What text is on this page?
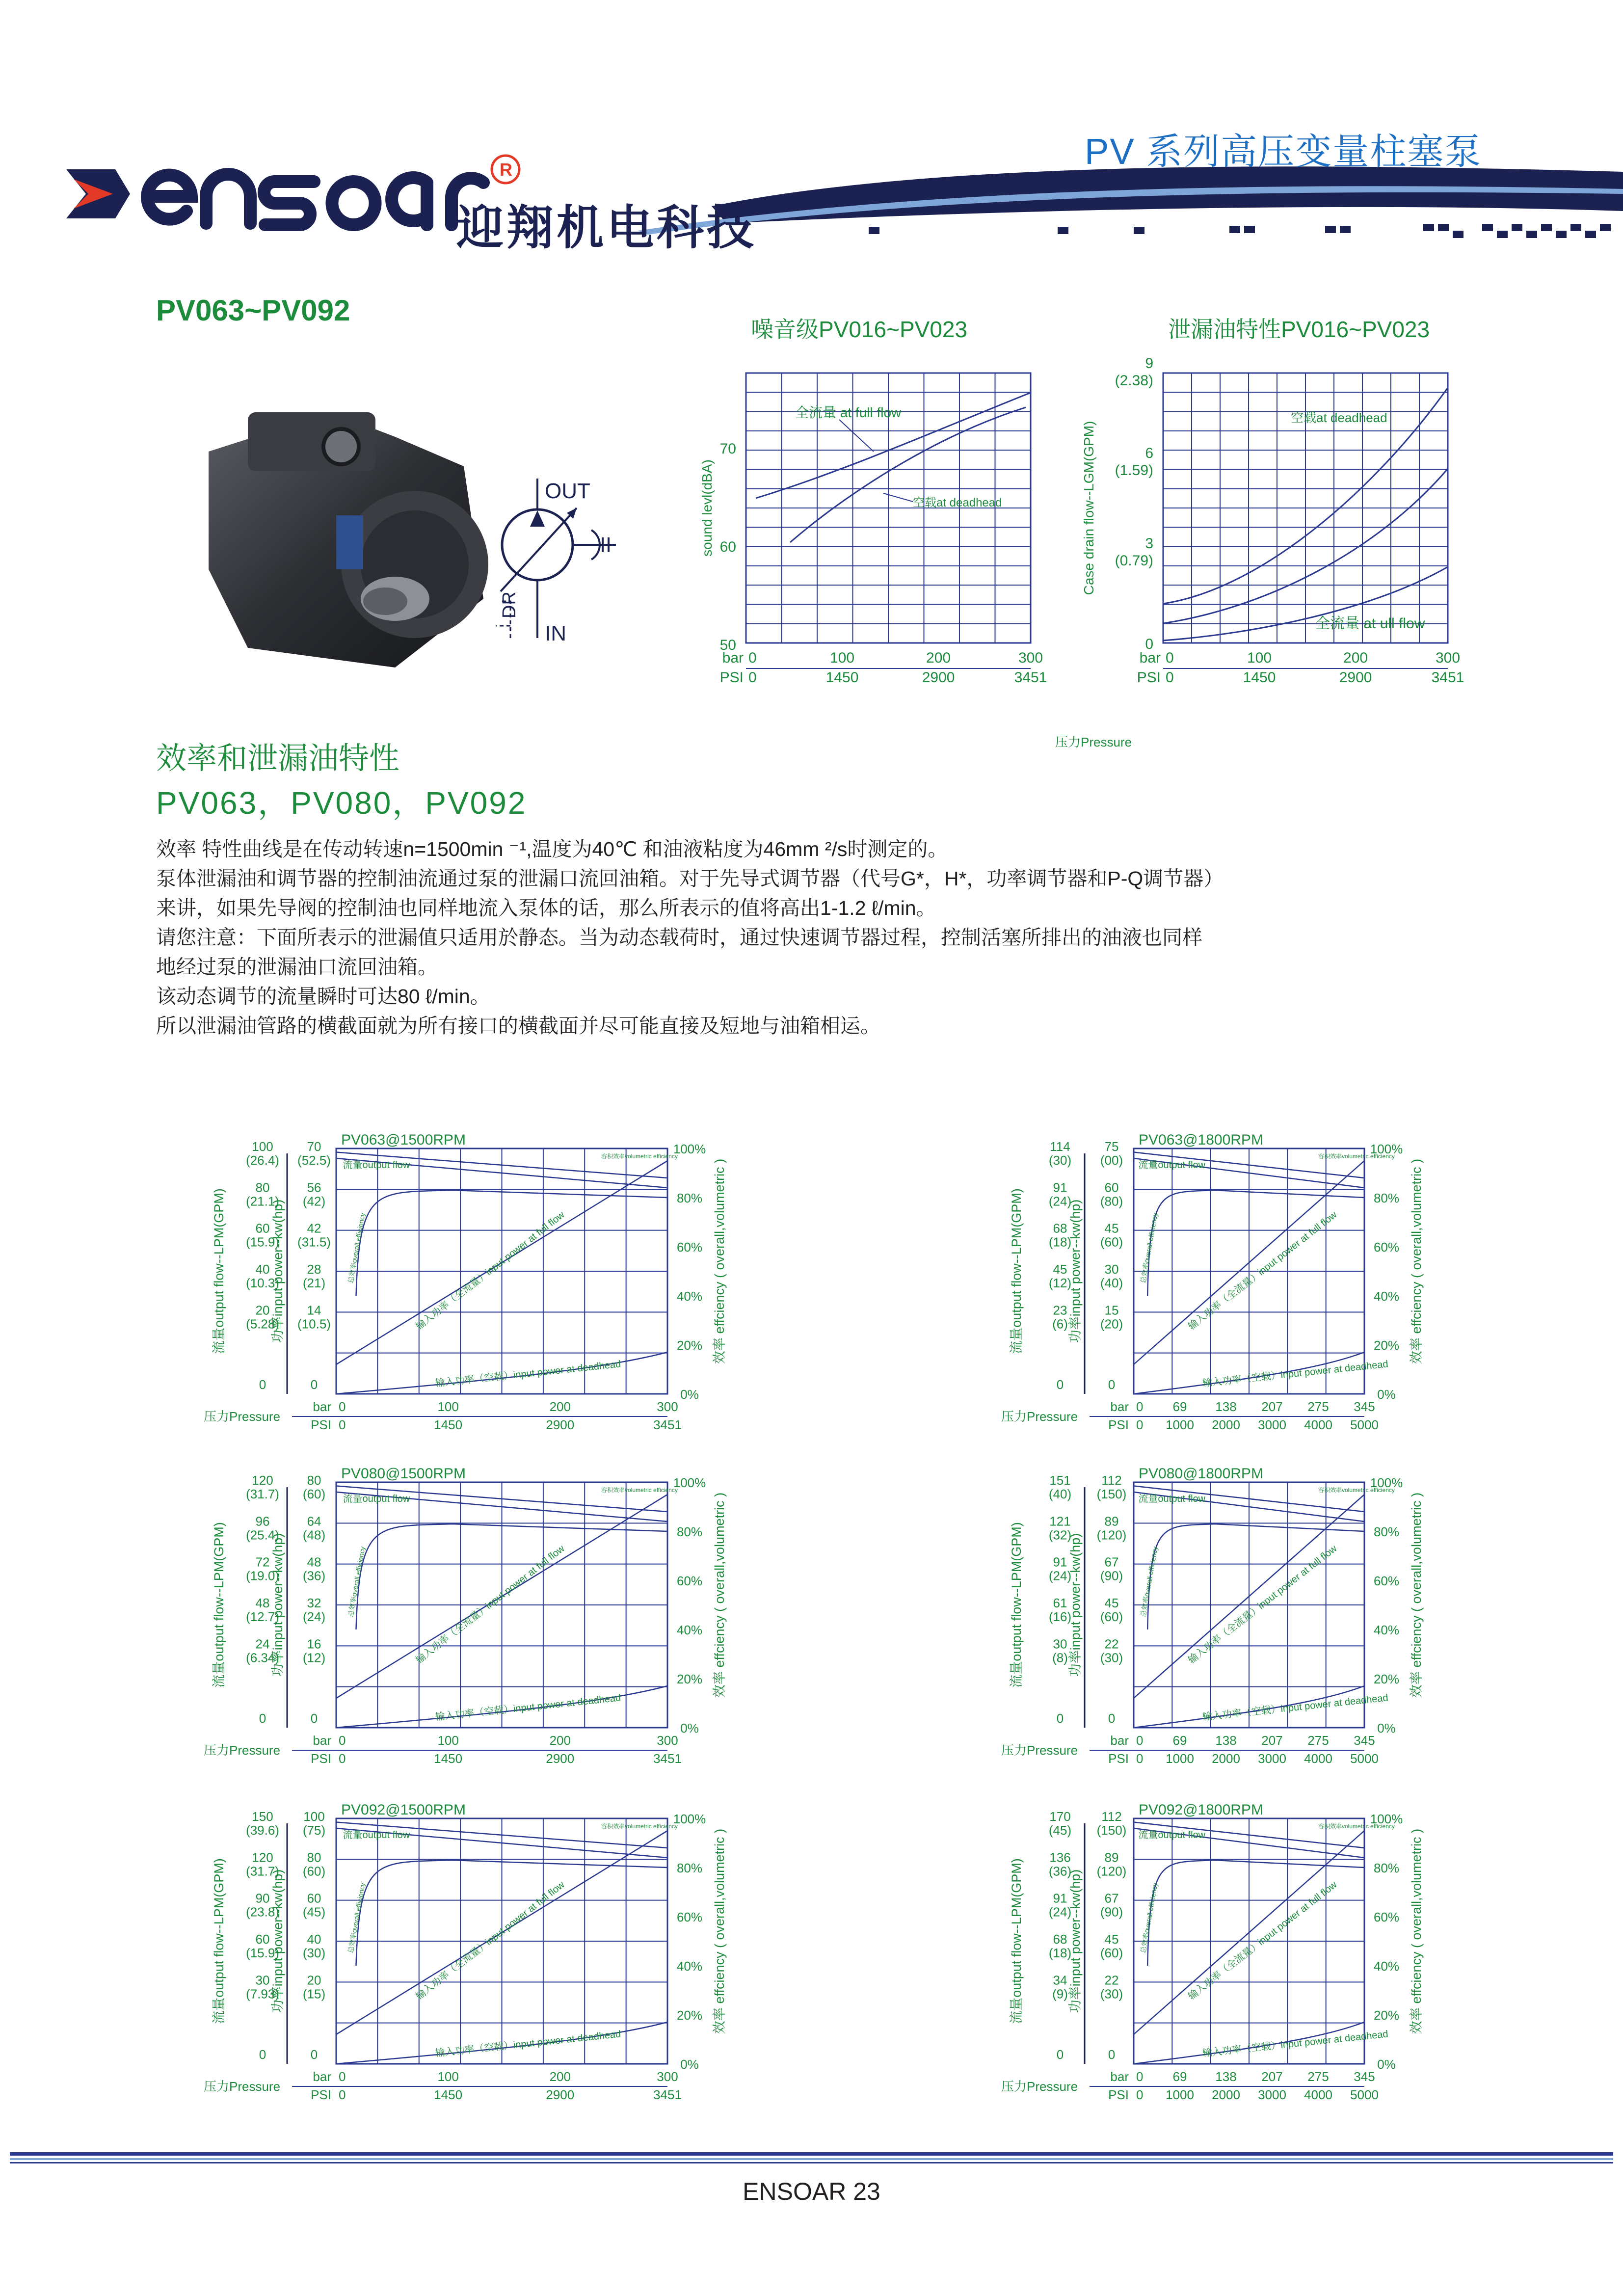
R
迎翔机电科技
PV 系列高压变量柱塞泵
PV063~PV092
OUT
IN
DR
噪音级PV016~PV023	泄漏油特性PV016~PV023
50
60
70
sound levl(dBA)
0	100	200	300
0	1450	2900	3451
bar
PSI
全流量 at full flow
空载at deadhead
0
3
(0.79)
6
(1.59)
9
(2.38)
Case drain flow--LGM(GPM)
0	100	200	300
0	1450	2900	3451
bar
PSI
空载at deadhead
全流量 at ull flow
压力Pressure
效率和泄漏油特性
PV063，PV080，PV092

效率 特性曲线是在传动转速n=1500min ⁻¹,温度为40℃ 和油液粘度为46mm ²/s时测定的。

泵体泄漏油和调节器的控制油流通过泵的泄漏口流回油箱。对于先导式调节器（代号G*，H*，功率调节器和P-Q调节器）

来讲，如果先导阀的控制油也同样地流入泵体的话，那么所表示的值将高出1-1.2 ℓ/min。

请您注意：下面所表示的泄漏值只适用於静态。当为动态载荷时，通过快速调节器过程，控制活塞所排出的油液也同样

地经过泵的泄漏油口流回油箱。

该动态调节的流量瞬时可达80 ℓ/min。

所以泄漏油管路的横截面就为所有接口的横截面并尽可能直接及短地与油箱相运。

PV063@1500RPM
100
(26.4)
70
(52.5)
80
(21.1)
56
(42)
60
(15.9)
42
(31.5)
40
(10.3)
28
(21)
20
(5.28)
14
(10.5)
0	0
流量output flow--LPM(GPM)	功率input power--kw(hp)
0%
20%
40%
60%
80%
100%
效率 effciency ( overall,volumetric )
0	100	200	300
0	1450	2900	3451
bar
PSI
压力Pressure
流量output flow
容积效率volumetric efficiency
总效率overall efficiency	输入功率（全流量）input power at full flow
输入功率（空载）input power at deadhead
PV063@1800RPM
114
(30)
75
(00)
91
(24)
60
(80)
68
(18)
45
(60)
45
(12)
30
(40)
23
(6)
15
(20)
0	0
流量output flow--LPM(GPM)	功率input power--kw(hp)
0%
20%
40%
60%
80%
100%
效率 effciency ( overall,volumetric )
0 69 138 207 275 345
0 1000 2000 3000 4000 5000
bar
PSI
压力Pressure
流量output flow
容积效率volumetric efficiency
总效率overall efficiency	输入功率（全流量）input power at full flow
输入功率（空载）input power at deadhead
PV080@1500RPM
120
(31.7)
80
(60)
96
(25.4)
64
(48)
72
(19.0)
48
(36)
48
(12.7)
32
(24)
24
(6.34)
16
(12)
0	0
流量output flow--LPM(GPM)	功率input power--kw(hp)
0%
20%
40%
60%
80%
100%
效率 effciency ( overall,volumetric )
0	100	200	300
0	1450	2900	3451
bar
PSI
压力Pressure
流量output flow
容积效率volumetric efficiency
总效率overall efficiency	输入功率（全流量）input power at full flow
输入功率（空载）input power at deadhead
PV080@1800RPM
151
(40)
112
(150)
121
(32)
89
(120)
91
(24)
67
(90)
61
(16)
45
(60)
30
(8)
22
(30)
0	0
流量output flow--LPM(GPM)	功率input power--kw(hp)
0%
20%
40%
60%
80%
100%
效率 effciency ( overall,volumetric )
0 69 138 207 275 345
0 1000 2000 3000 4000 5000
bar
PSI
压力Pressure
流量output flow
容积效率volumetric efficiency
总效率overall efficiency	输入功率（全流量）input power at full flow
输入功率（空载）input power at deadhead
PV092@1500RPM
150
(39.6)
100
(75)
120
(31.7)
80
(60)
90
(23.8)
60
(45)
60
(15.9)
40
(30)
30
(7.93)
20
(15)
0	0
流量output flow--LPM(GPM)	功率input power--kw(hp)
0%
20%
40%
60%
80%
100%
效率 effciency ( overall,volumetric )
0	100	200	300
0	1450	2900	3451
bar
PSI
压力Pressure
流量output flow
容积效率volumetric efficiency
总效率overall efficiency	输入功率（全流量）input power at full flow
输入功率（空载）input power at deadhead
PV092@1800RPM
170
(45)
112
(150)
136
(36)
89
(120)
91
(24)
67
(90)
68
(18)
45
(60)
34
(9)
22
(30)
0	0
流量output flow--LPM(GPM)	功率input power--kw(hp)
0%
20%
40%
60%
80%
100%
效率 effciency ( overall,volumetric )
0 69 138 207 275 345
0 1000 2000 3000 4000 5000
bar
PSI
压力Pressure
流量output flow
容积效率volumetric efficiency
总效率overall efficiency	输入功率（全流量）input power at full flow
输入功率（空载）input power at deadhead
ENSOAR 23
